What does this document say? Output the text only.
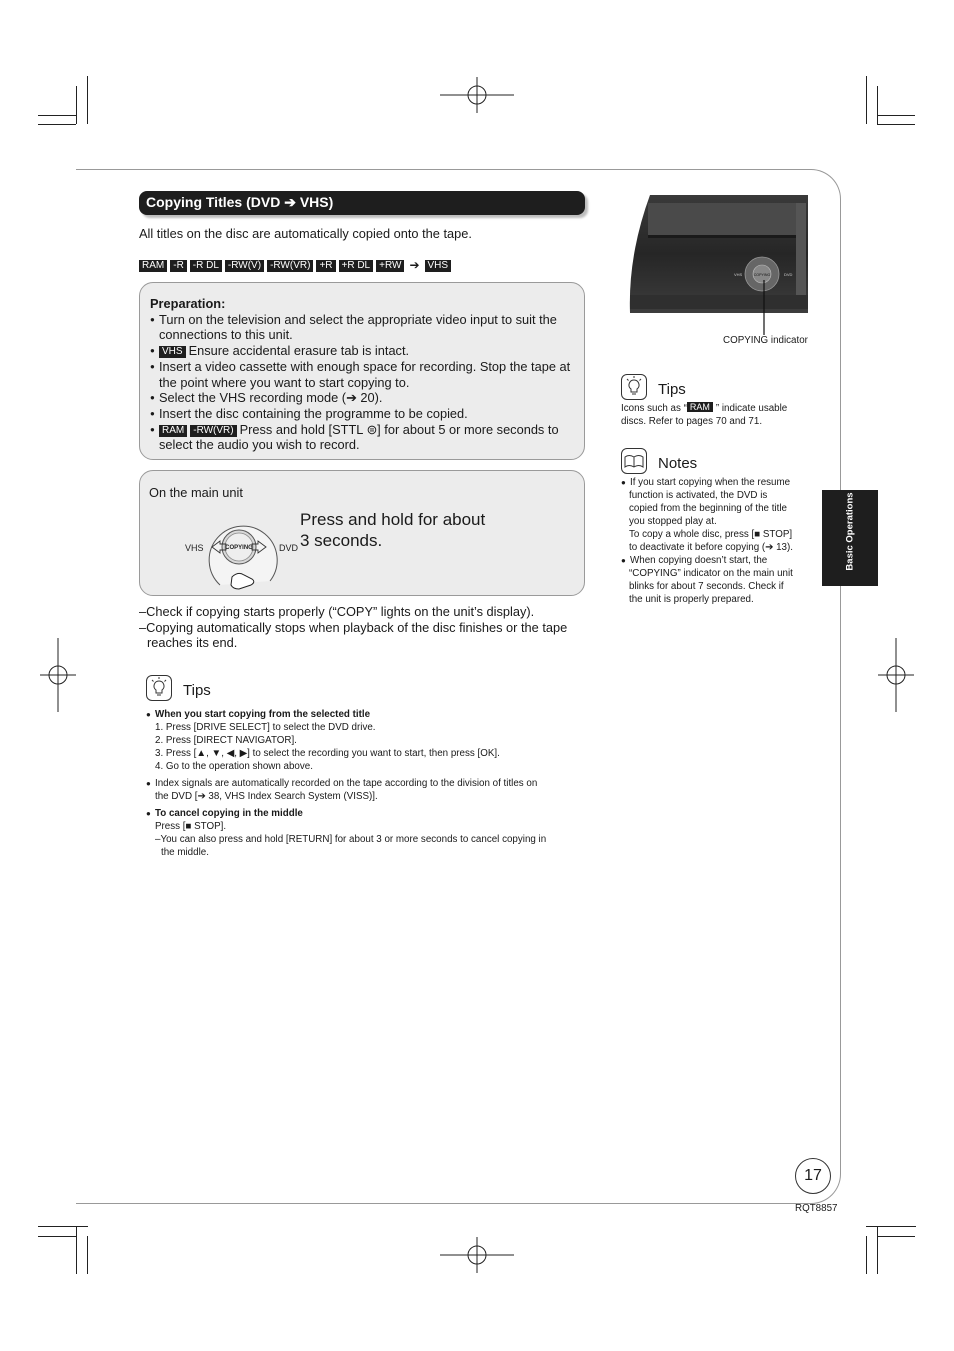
Copying Titles (DVD ➔ VHS)
All titles on the disc are automatically copied onto the tape.
RAM -R -R DL -RW(V) -RW(VR) +R +R DL +RW ➔ VHS
Preparation:
● Turn on the television and select the appropriate video input to suit the connections to this unit.
● VHS Ensure accidental erasure tab is intact.
● Insert a video cassette with enough space for recording. Stop the tape at the point where you want to start copying to.
● Select the VHS recording mode (➔ 20).
● Insert the disc containing the programme to be copied.
● RAM -RW(VR) Press and hold [STTL ⊜] for about 5 or more seconds to select the audio you wish to record.
On the main unit
COPYING
VHS	DVD
Press and hold for about
3 seconds.
–Check if copying starts properly (“COPY” lights on the unit’s display).
–Copying automatically stops when playback of the disc finishes or the tape
reaches its end.
Tips
● When you start copying from the selected title
1. Press [DRIVE SELECT] to select the DVD drive.
2. Press [DIRECT NAVIGATOR].
3. Press [▲, ▼, ◀, ▶] to select the recording you want to start, then press [OK].
4. Go to the operation shown above.
● Index signals are automatically recorded on the tape according to the division of titles on
the DVD [➔ 38, VHS Index Search System (VISS)].
● To cancel copying in the middle
Press [■ STOP].
–You can also press and hold [RETURN] for about 3 or more seconds to cancel copying in
the middle.
COPYING
VHS	DVD
COPYING indicator
Tips
Icons such as “ RAM ” indicate usable
discs. Refer to pages 70 and 71.
Notes
● If you start copying when the resume
function is activated, the DVD is
copied from the beginning of the title
you stopped play at.
To copy a whole disc, press [■ STOP]
to deactivate it before copying (➔ 13).
● When copying doesn’t start, the
“COPYING” indicator on the main unit
blinks for about 7 seconds. Check if
the unit is properly prepared.
Basic Operations
17
RQT8857
